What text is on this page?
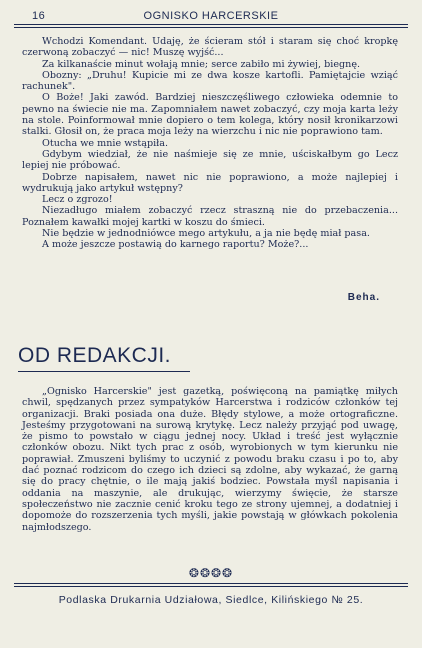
16	OGNISKO HARCERSKIE

Wchodzi Komendant. Udaję, że ścieram stół i staram się choć kropkę czerwoną zobaczyć — nic! Muszę wyjść...

Za kilkanaście minut wołają mnie; serce zabiło mi żywiej, biegnę.

Obozny: „Druhu! Kupicie mi ze dwa kosze kartofli. Pamiętajcie wziąć rachunek".

O Boże! Jaki zawód. Bardziej nieszczęśliwego człowieka odemnie to pewno na świecie nie ma. Zapomniałem nawet zobaczyć, czy moja karta leży na stole. Poinformował mnie dopiero o tem kolega, który nosił kronikarzowi stalki. Głosił on, że praca moja leży na wierzchu i nic nie poprawiono tam.

Otucha we mnie wstąpiła.

Gdybym wiedział, że nie naśmieje się ze mnie, uściskałbym go Lecz lepiej nie próbować.

Dobrze napisałem, nawet nic nie poprawiono, a może najlepiej i wydrukują jako artykuł wstępny?

Lecz o zgrozo!

Niezadługo miałem zobaczyć rzecz straszną nie do przebaczenia... Poznałem kawałki mojej kartki w koszu do śmieci.

Nie będzie w jednodniówce mego artykułu, a ja nie będę miał pasa.

A może jeszcze postawią do karnego raportu? Może?...

Beha.
OD REDAKCJI.

„Ognisko Harcerskie" jest gazetką, poświęconą na pamiątkę miłych chwil, spędzanych przez sympatyków Harcerstwa i rodziców członków tej organizacji. Braki posiada ona duże. Błędy stylowe, a może ortograficzne. Jesteśmy przygotowani na surową krytykę. Lecz należy przyjąć pod uwagę, że pismo to powstało w ciągu jednej nocy. Układ i treść jest wyłącznie członków obozu. Nikt tych prac z osób, wyrobionych w tym kierunku nie poprawiał. Zmuszeni byliśmy to uczynić z powodu braku czasu i po to, aby dać poznać rodzicom do czego ich dzieci są zdolne, aby wykazać, że garną się do pracy chętnie, o ile mają jakiś bodziec. Powstała myśl napisania i oddania na maszynie, ale drukując, wierzymy święcie, że starsze społeczeństwo nie zacznie cenić kroku tego ze strony ujemnej, a dodatniej i dopomoże do rozszerzenia tych myśli, jakie powstają w główkach pokolenia najmłodszego.

❂❂❂❂
Podlaska Drukarnia Udziałowa, Siedlce, Kilińskiego № 25.
